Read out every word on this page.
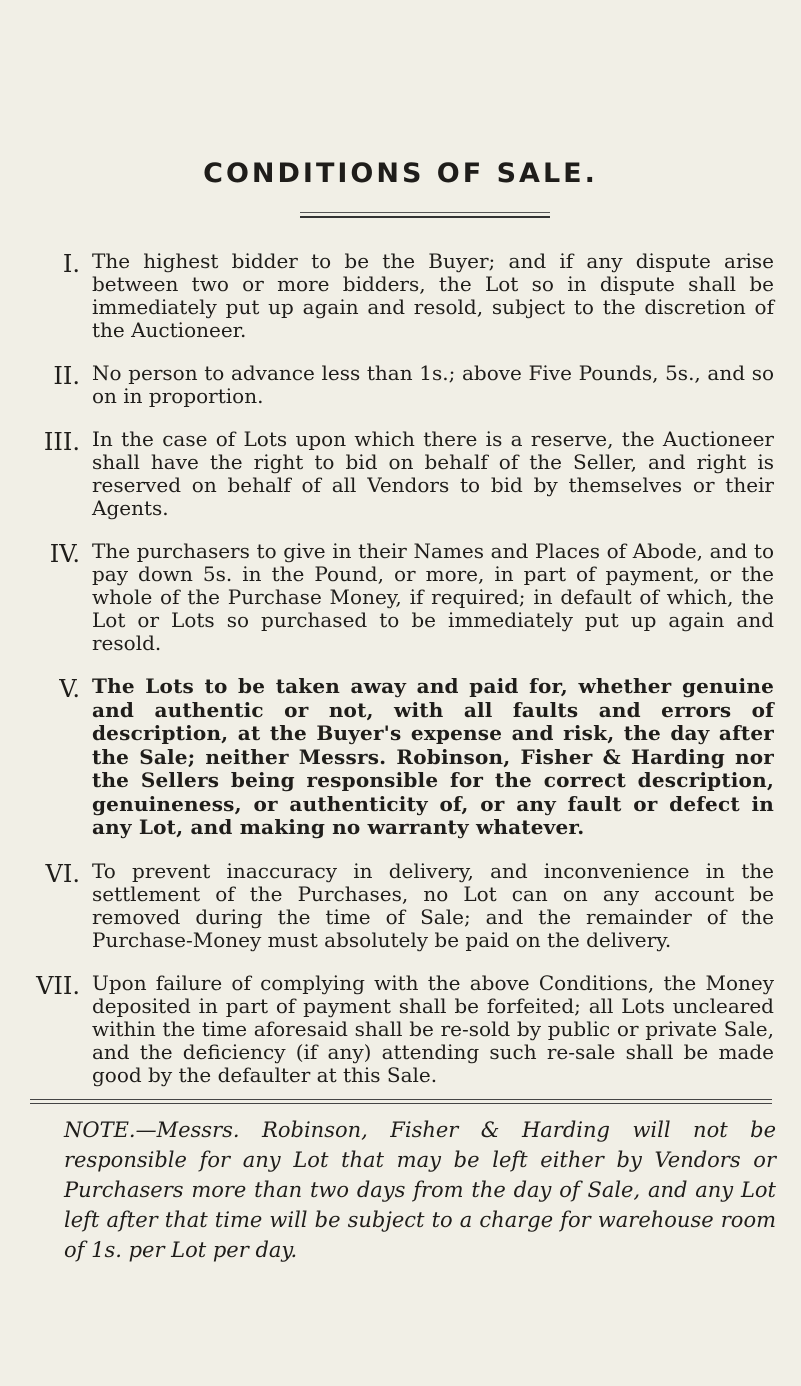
CONDITIONS OF SALE.
I. The highest bidder to be the Buyer; and if any dispute arise between two or more bidders, the Lot so in dispute shall be immediately put up again and resold, subject to the discretion of the Auctioneer.
II. No person to advance less than 1s.; above Five Pounds, 5s., and so on in proportion.
III. In the case of Lots upon which there is a reserve, the Auctioneer shall have the right to bid on behalf of the Seller, and right is reserved on behalf of all Vendors to bid by themselves or their Agents.
IV. The purchasers to give in their Names and Places of Abode, and to pay down 5s. in the Pound, or more, in part of payment, or the whole of the Purchase Money, if required; in default of which, the Lot or Lots so purchased to be immediately put up again and resold.
V. The Lots to be taken away and paid for, whether genuine and authentic or not, with all faults and errors of description, at the Buyer's expense and risk, the day after the Sale; neither Messrs. Robinson, Fisher & Harding nor the Sellers being responsible for the correct description, genuineness, or authenticity of, or any fault or defect in any Lot, and making no warranty whatever.
VI. To prevent inaccuracy in delivery, and inconvenience in the settlement of the Purchases, no Lot can on any account be removed during the time of Sale; and the remainder of the Purchase-Money must absolutely be paid on the delivery.
VII. Upon failure of complying with the above Conditions, the Money deposited in part of payment shall be forfeited; all Lots uncleared within the time aforesaid shall be re-sold by public or private Sale, and the deficiency (if any) attending such re-sale shall be made good by the defaulter at this Sale.
NOTE.—Messrs. Robinson, Fisher & Harding will not be responsible for any Lot that may be left either by Vendors or Purchasers more than two days from the day of Sale, and any Lot left after that time will be subject to a charge for warehouse room of 1s. per Lot per day.
